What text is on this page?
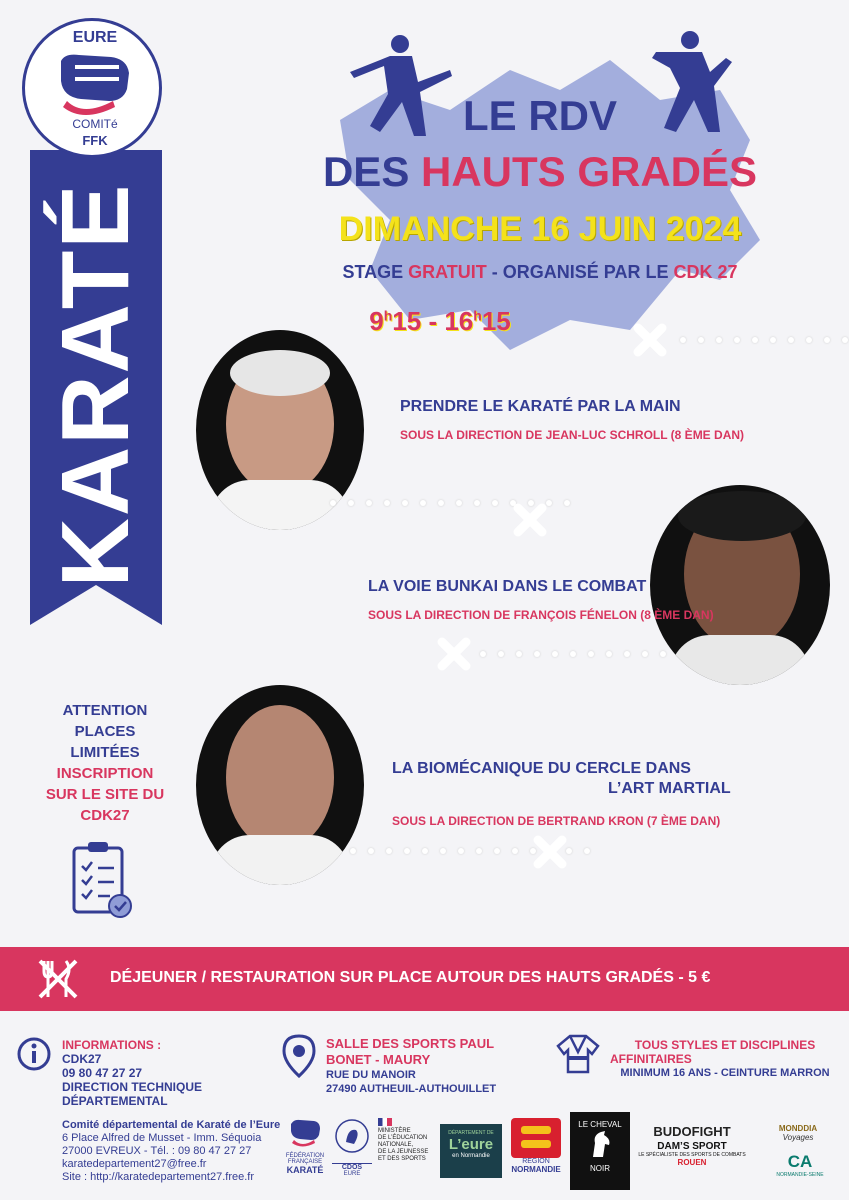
KARATÉ
EURE
COMITé
FFK
LE RDV
DES HAUTS GRADÉS
DIMANCHE 16 JUIN 2024
STAGE GRATUIT - ORGANISÉ PAR LE CDK 27
9$^h$15 - 16$^h$15
PRENDRE LE KARATÉ PAR LA MAIN
SOUS LA DIRECTION DE JEAN-LUC SCHROLL (8 ÈME DAN)
LA VOIE BUNKAI DANS LE COMBAT
SOUS LA DIRECTION DE FRANÇOIS FÉNELON (8 ÈME DAN)
LA BIOMÉCANIQUE DU CERCLE DANS
L’ART MARTIAL
SOUS LA DIRECTION DE BERTRAND KRON (7 ÈME DAN)
ATTENTION
PLACES
LIMITÉES
INSCRIPTION
SUR LE SITE DU
CDK27
DÉJEUNER / RESTAURATION SUR PLACE AUTOUR DES HAUTS GRADÉS - 5 €
INFORMATIONS :
CDK27
09 80 47 27 27
DIRECTION TECHNIQUE
DÉPARTEMENTAL
SALLE DES SPORTS PAUL
BONET - MAURY
RUE DU MANOIR
27490 AUTHEUIL-AUTHOUILLET
TOUS STYLES ET DISCIPLINES
AFFINITAIRES
MINIMUM 16 ANS - CEINTURE MARRON
Comité départemental de Karaté de l’Eure
6 Place Alfred de Musset - Imm. Séquoia
27000 EVREUX - Tél. : 09 80 47 27 27
karatedepartement27@free.fr
Site : http://karatedepartement27.free.fr
FÉDÉRATION
FRANÇAISE
KARATÉ	CDOS
EURE
MINISTÈRE
DE L’ÉDUCATION
NATIONALE,
DE LA JEUNESSE
ET DES SPORTS
DÉPARTEMENT DE
L’eure
en Normandie
RÉGION
NORMANDIE
LE CHEVAL
NOIR
BUDOFIGHT
DAM’S SPORT
LE SPÉCIALISTE DES SPORTS DE COMBATS
ROUEN
MONDDIA
Voyages
CA
NORMANDIE-SEINE
